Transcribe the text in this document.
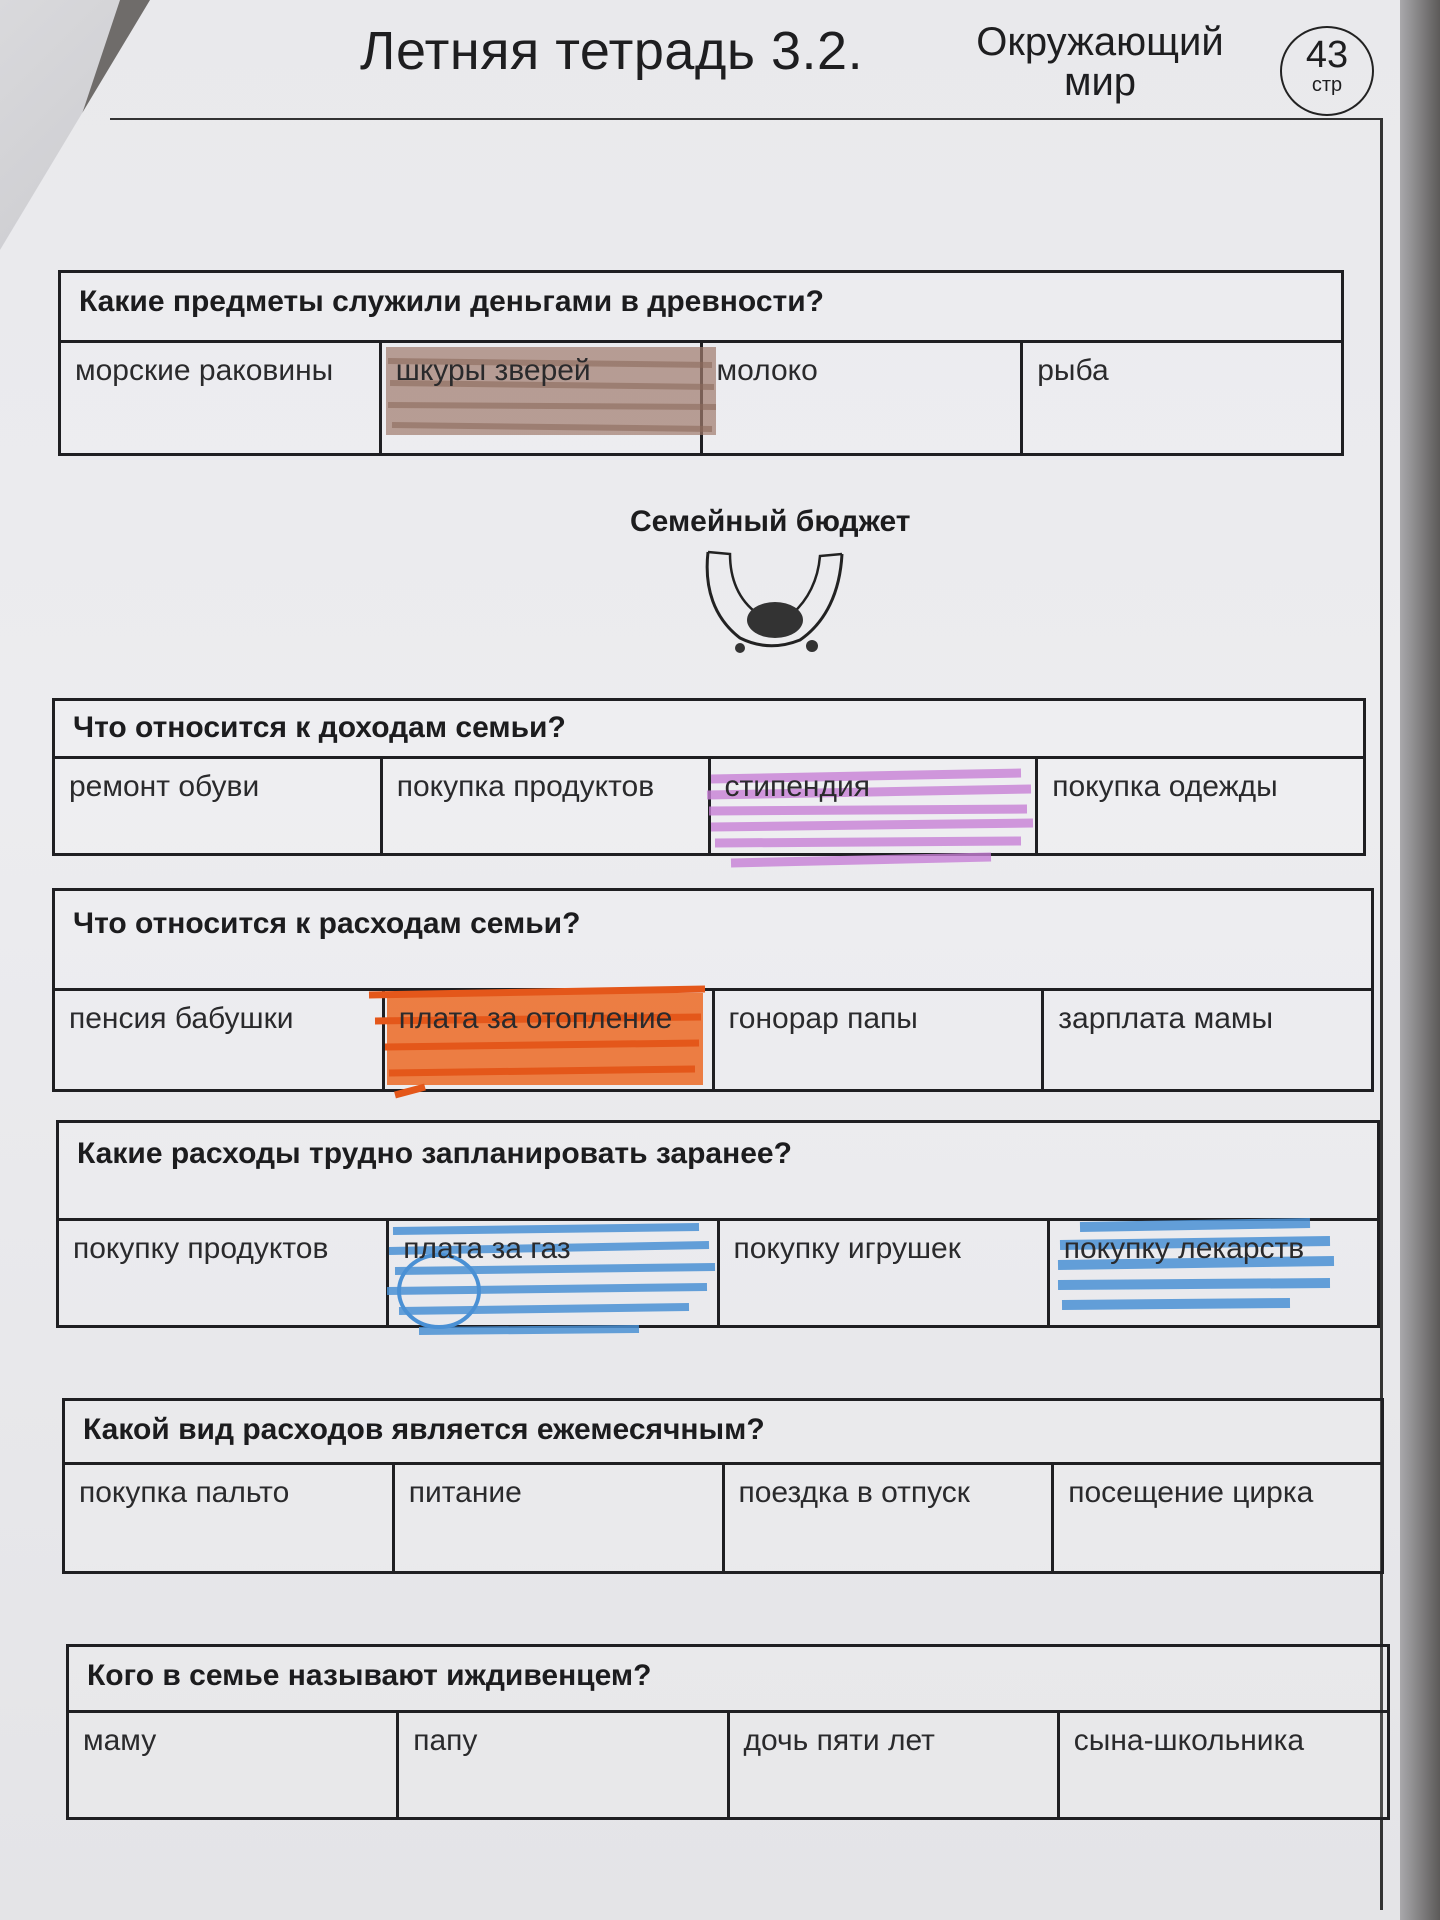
Летняя тетрадь 3.2.	Окружающий мир
43
стр
Какие предметы служили деньгами в древности?
морские раковины	шкуры зверей	молоко	рыба
Семейный бюджет
Что относится к доходам семьи?
ремонт обуви	покупка продуктов	стипендия	покупка одежды
Что относится к расходам семьи?
пенсия бабушки	плата за отопление	гонорар папы	зарплата мамы
Какие расходы трудно запланировать заранее?
покупку продуктов	плата за газ	покупку игрушек	покупку лекарств
Какой вид расходов является ежемесячным?
покупка пальто	питание	поездка в отпуск	посещение цирка
Кого в семье называют иждивенцем?
маму	папу	дочь пяти лет	сына-школьника
